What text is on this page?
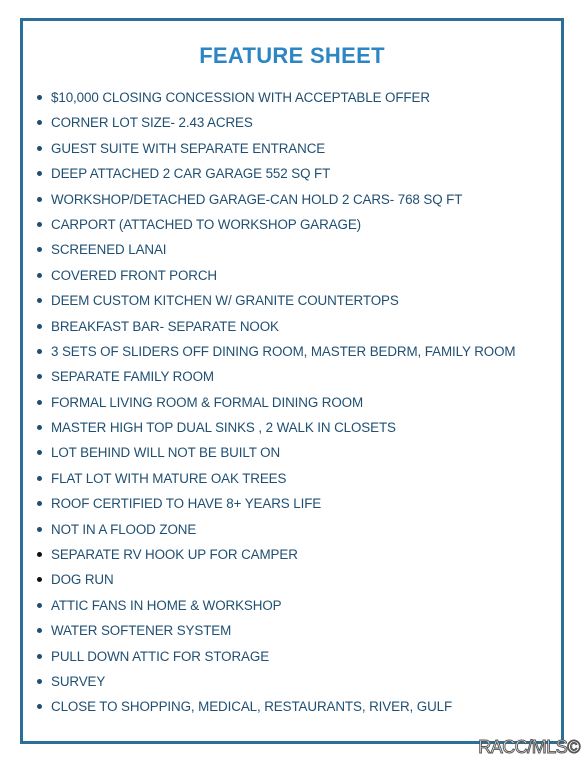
FEATURE SHEET
$10,000 CLOSING CONCESSION WITH ACCEPTABLE OFFER
CORNER LOT SIZE- 2.43 ACRES
GUEST SUITE WITH SEPARATE ENTRANCE
DEEP ATTACHED 2 CAR GARAGE 552 SQ FT
WORKSHOP/DETACHED GARAGE-CAN HOLD 2 CARS- 768 SQ FT
CARPORT (ATTACHED TO WORKSHOP GARAGE)
SCREENED LANAI
COVERED FRONT PORCH
DEEM CUSTOM KITCHEN W/ GRANITE COUNTERTOPS
BREAKFAST BAR- SEPARATE NOOK
3 SETS OF SLIDERS OFF DINING ROOM, MASTER BEDRM, FAMILY ROOM
SEPARATE FAMILY ROOM
FORMAL LIVING ROOM & FORMAL DINING ROOM
MASTER HIGH TOP DUAL SINKS , 2 WALK IN CLOSETS
LOT BEHIND WILL NOT BE BUILT ON
FLAT LOT WITH MATURE OAK TREES
ROOF CERTIFIED TO HAVE 8+ YEARS LIFE
NOT IN A FLOOD ZONE
SEPARATE RV HOOK UP FOR CAMPER
DOG RUN
ATTIC FANS IN HOME & WORKSHOP
WATER SOFTENER SYSTEM
PULL DOWN ATTIC FOR STORAGE
SURVEY
CLOSE TO SHOPPING, MEDICAL, RESTAURANTS, RIVER, GULF
RACC/MLS©
